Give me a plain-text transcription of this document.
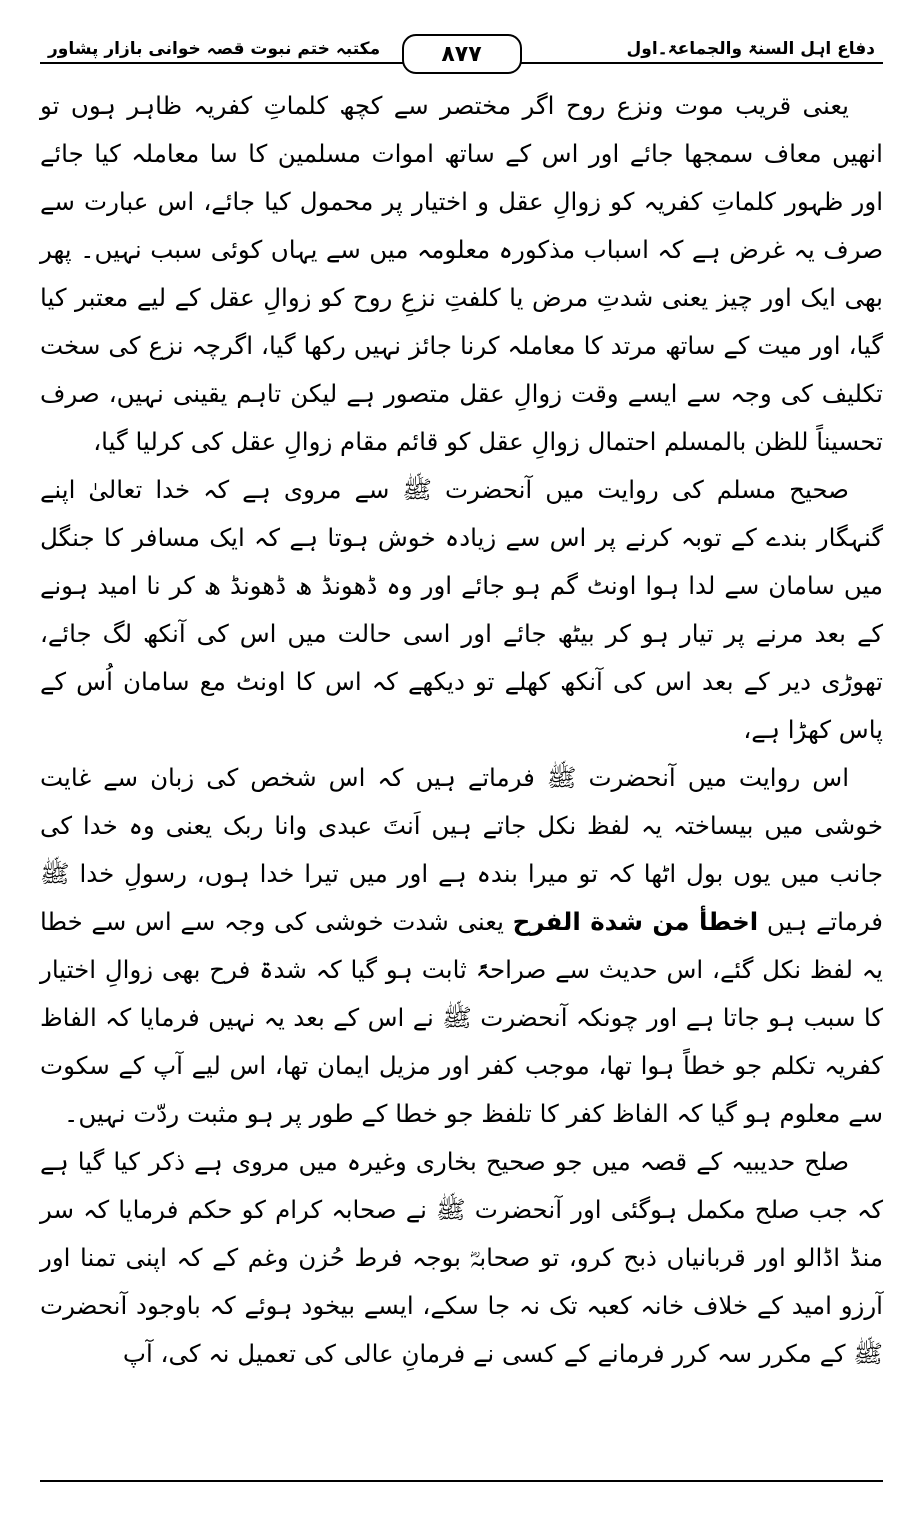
مکتبہ ختم نبوت قصہ خوانی بازار پشاور	۸۷۷	دفاع اہل السنۃ والجماعۃ۔اول

یعنی قریب موت ونزع روح اگر مختصر سے کچھ کلماتِ کفریہ ظاہر ہوں تو انھیں معاف سمجھا جائے اور اس کے ساتھ اموات مسلمین کا سا معاملہ کیا جائے اور ظہور کلماتِ کفریہ کو زوالِ عقل و اختیار پر محمول کیا جائے، اس عبارت سے صرف یہ غرض ہے کہ اسباب مذکورہ معلومہ میں سے یہاں کوئی سبب نہیں۔ پھر بھی ایک اور چیز یعنی شدتِ مرض یا کلفتِ نزعِ روح کو زوالِ عقل کے لیے معتبر کیا گیا، اور میت کے ساتھ مرتد کا معاملہ کرنا جائز نہیں رکھا گیا، اگرچہ نزع کی سخت تکلیف کی وجہ سے ایسے وقت زوالِ عقل متصور ہے لیکن تاہم یقینی نہیں، صرف تحسیناً للظن بالمسلم احتمال زوالِ عقل کو قائم مقام زوالِ عقل کی کرلیا گیا،

صحیح مسلم کی روایت میں آنحضرت ﷺ سے مروی ہے کہ خدا تعالیٰ اپنے گنہگار بندے کے توبہ کرنے پر اس سے زیادہ خوش ہوتا ہے کہ ایک مسافر کا جنگل میں سامان سے لدا ہوا اونٹ گم ہو جائے اور وہ ڈھونڈ ھ ڈھونڈ ھ کر نا امید ہونے کے بعد مرنے پر تیار ہو کر بیٹھ جائے اور اسی حالت میں اس کی آنکھ لگ جائے، تھوڑی دیر کے بعد اس کی آنکھ کھلے تو دیکھے کہ اس کا اونٹ مع سامان اُس کے پاس کھڑا ہے،

اس روایت میں آنحضرت ﷺ فرماتے ہیں کہ اس شخص کی زبان سے غایت خوشی میں بیساختہ یہ لفظ نکل جاتے ہیں اَنتَ عبدی وانا ربک یعنی وہ خدا کی جانب میں یوں بول اٹھا کہ تو میرا بندہ ہے اور میں تیرا خدا ہوں، رسولِ خدا ﷺ فرماتے ہیں اخطأ من شدة الفرح یعنی شدت خوشی کی وجہ سے اس سے خطا یہ لفظ نکل گئے، اس حدیث سے صراحۃً ثابت ہو گیا کہ شدۃ فرح بھی زوالِ اختیار کا سبب ہو جاتا ہے اور چونکہ آنحضرت ﷺ نے اس کے بعد یہ نہیں فرمایا کہ الفاظ کفریہ تکلم جو خطاً ہوا تھا، موجب کفر اور مزیل ایمان تھا، اس لیے آپ کے سکوت سے معلوم ہو گیا کہ الفاظ کفر کا تلفظ جو خطا کے طور پر ہو مثبت ردّت نہیں۔

صلح حدیبیہ کے قصہ میں جو صحیح بخاری وغیرہ میں مروی ہے ذکر کیا گیا ہے کہ جب صلح مکمل ہوگئی اور آنحضرت ﷺ نے صحابہ کرام کو حکم فرمایا کہ سر منڈ اڈالو اور قربانیاں ذبح کرو، تو صحابہؓ بوجہ فرط حُزن وغم کے کہ اپنی تمنا اور آرزو امید کے خلاف خانہ کعبہ تک نہ جا سکے، ایسے بیخود ہوئے کہ باوجود آنحضرت ﷺ کے مکرر سہ کرر فرمانے کے کسی نے فرمانِ عالی کی تعمیل نہ کی، آپ
